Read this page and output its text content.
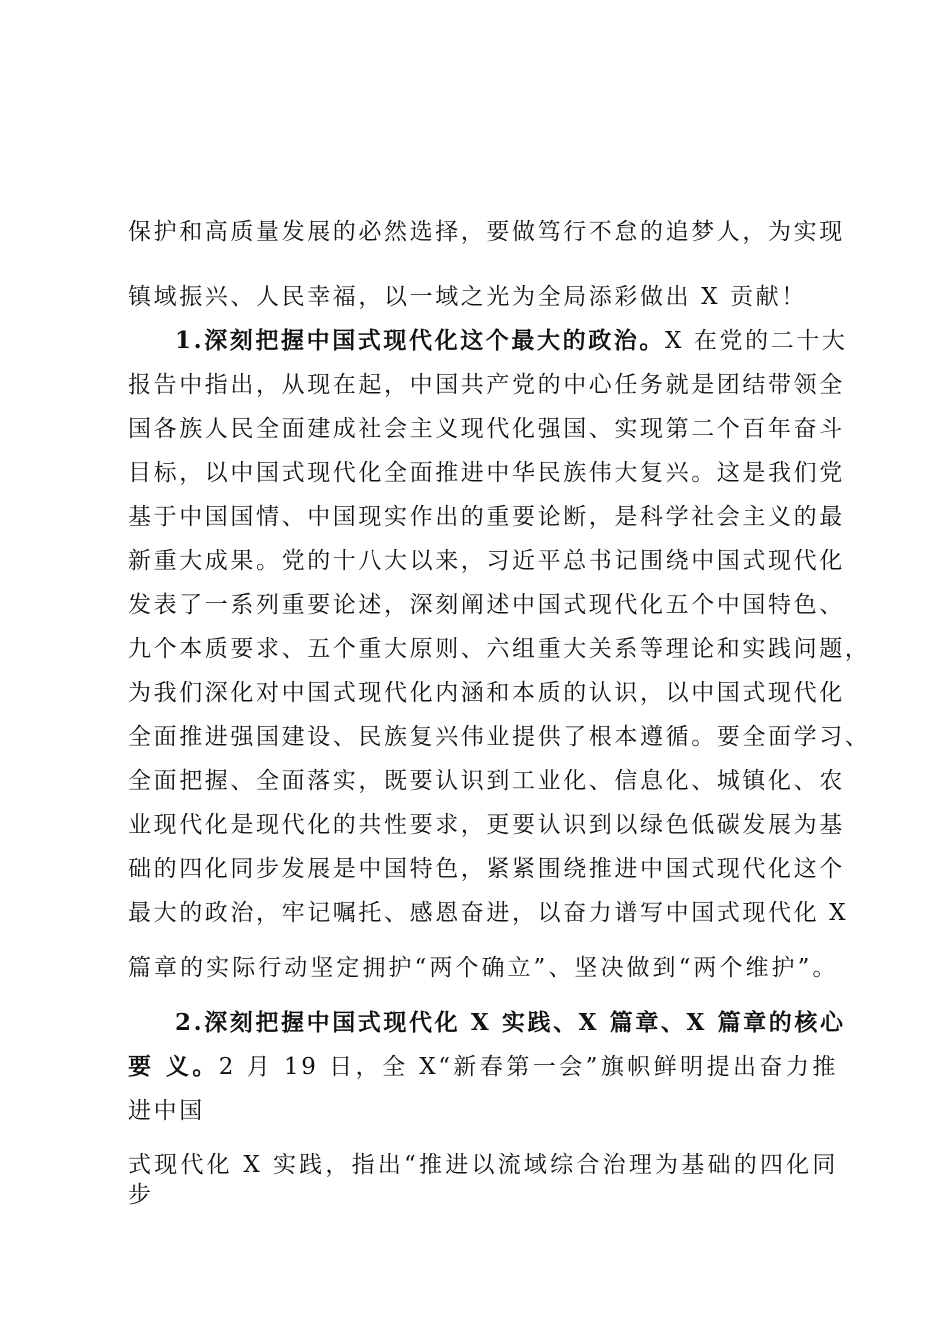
保护和高质量发展的必然选择，要做笃行不怠的追梦人，为实现
镇域振兴、人民幸福，以一域之光为全局添彩做出 X 贡献！
1.深刻把握中国式现代化这个最大的政治。X 在党的二十大
报告中指出，从现在起，中国共产党的中心任务就是团结带领全
国各族人民全面建成社会主义现代化强国、实现第二个百年奋斗
目标，以中国式现代化全面推进中华民族伟大复兴。这是我们党
基于中国国情、中国现实作出的重要论断，是科学社会主义的最
新重大成果。党的十八大以来，习近平总书记围绕中国式现代化
发表了一系列重要论述，深刻阐述中国式现代化五个中国特色、
九个本质要求、五个重大原则、六组重大关系等理论和实践问题，
为我们深化对中国式现代化内涵和本质的认识，以中国式现代化
全面推进强国建设、民族复兴伟业提供了根本遵循。要全面学习、
全面把握、全面落实，既要认识到工业化、信息化、城镇化、农
业现代化是现代化的共性要求，更要认识到以绿色低碳发展为基
础的四化同步发展是中国特色，紧紧围绕推进中国式现代化这个
最大的政治，牢记嘱托、感恩奋进，以奋力谱写中国式现代化 X
篇章的实际行动坚定拥护“两个确立”、坚决做到“两个维护”。
2.深刻把握中国式现代化 X 实践、X 篇章、X 篇章的核心
要 义。2 月 19 日，全 X“新春第一会”旗帜鲜明提出奋力推
进中国
式现代化 X 实践，指出“推进以流域综合治理为基础的四化同
步
